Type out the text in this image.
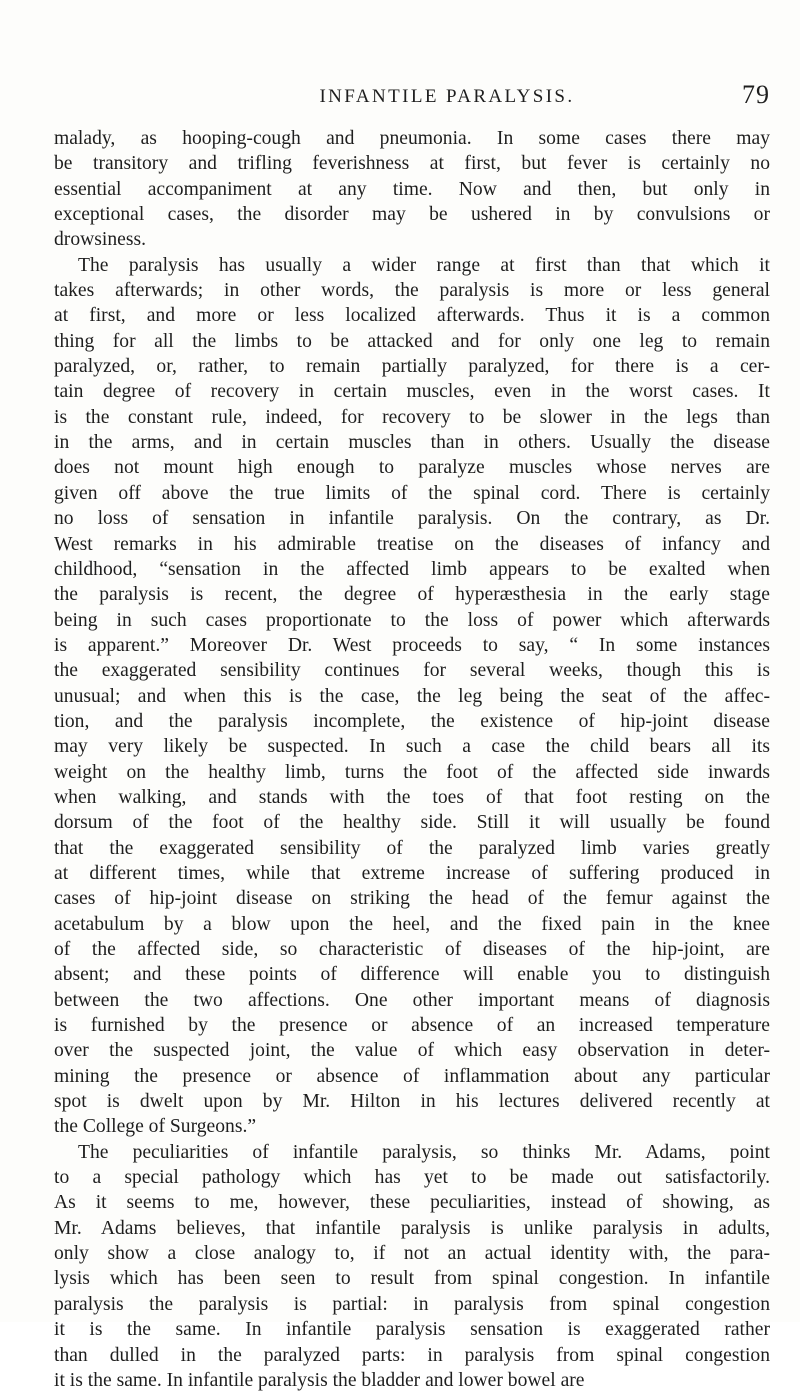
INFANTILE PARALYSIS.	79
malady, as hooping-cough and pneumonia. In some cases there may
be transitory and trifling feverishness at first, but fever is certainly no
essential accompaniment at any time. Now and then, but only in
exceptional cases, the disorder may be ushered in by convulsions or
drowsiness.
The paralysis has usually a wider range at first than that which it
takes afterwards; in other words, the paralysis is more or less general
at first, and more or less localized afterwards. Thus it is a common
thing for all the limbs to be attacked and for only one leg to remain
paralyzed, or, rather, to remain partially paralyzed, for there is a cer-
tain degree of recovery in certain muscles, even in the worst cases. It
is the constant rule, indeed, for recovery to be slower in the legs than
in the arms, and in certain muscles than in others. Usually the disease
does not mount high enough to paralyze muscles whose nerves are
given off above the true limits of the spinal cord. There is certainly
no loss of sensation in infantile paralysis. On the contrary, as Dr.
West remarks in his admirable treatise on the diseases of infancy and
childhood, “sensation in the affected limb appears to be exalted when
the paralysis is recent, the degree of hyperæsthesia in the early stage
being in such cases proportionate to the loss of power which afterwards
is apparent.” Moreover Dr. West proceeds to say, “ In some instances
the exaggerated sensibility continues for several weeks, though this is
unusual; and when this is the case, the leg being the seat of the affec-
tion, and the paralysis incomplete, the existence of hip-joint disease
may very likely be suspected. In such a case the child bears all its
weight on the healthy limb, turns the foot of the affected side inwards
when walking, and stands with the toes of that foot resting on the
dorsum of the foot of the healthy side. Still it will usually be found
that the exaggerated sensibility of the paralyzed limb varies greatly
at different times, while that extreme increase of suffering produced in
cases of hip-joint disease on striking the head of the femur against the
acetabulum by a blow upon the heel, and the fixed pain in the knee
of the affected side, so characteristic of diseases of the hip-joint, are
absent; and these points of difference will enable you to distinguish
between the two affections. One other important means of diagnosis
is furnished by the presence or absence of an increased temperature
over the suspected joint, the value of which easy observation in deter-
mining the presence or absence of inflammation about any particular
spot is dwelt upon by Mr. Hilton in his lectures delivered recently at
the College of Surgeons.”
The peculiarities of infantile paralysis, so thinks Mr. Adams, point
to a special pathology which has yet to be made out satisfactorily.
As it seems to me, however, these peculiarities, instead of showing, as
Mr. Adams believes, that infantile paralysis is unlike paralysis in adults,
only show a close analogy to, if not an actual identity with, the para-
lysis which has been seen to result from spinal congestion. In infantile
paralysis the paralysis is partial: in paralysis from spinal congestion
it is the same. In infantile paralysis sensation is exaggerated rather
than dulled in the paralyzed parts: in paralysis from spinal congestion
it is the same. In infantile paralysis the bladder and lower bowel are
